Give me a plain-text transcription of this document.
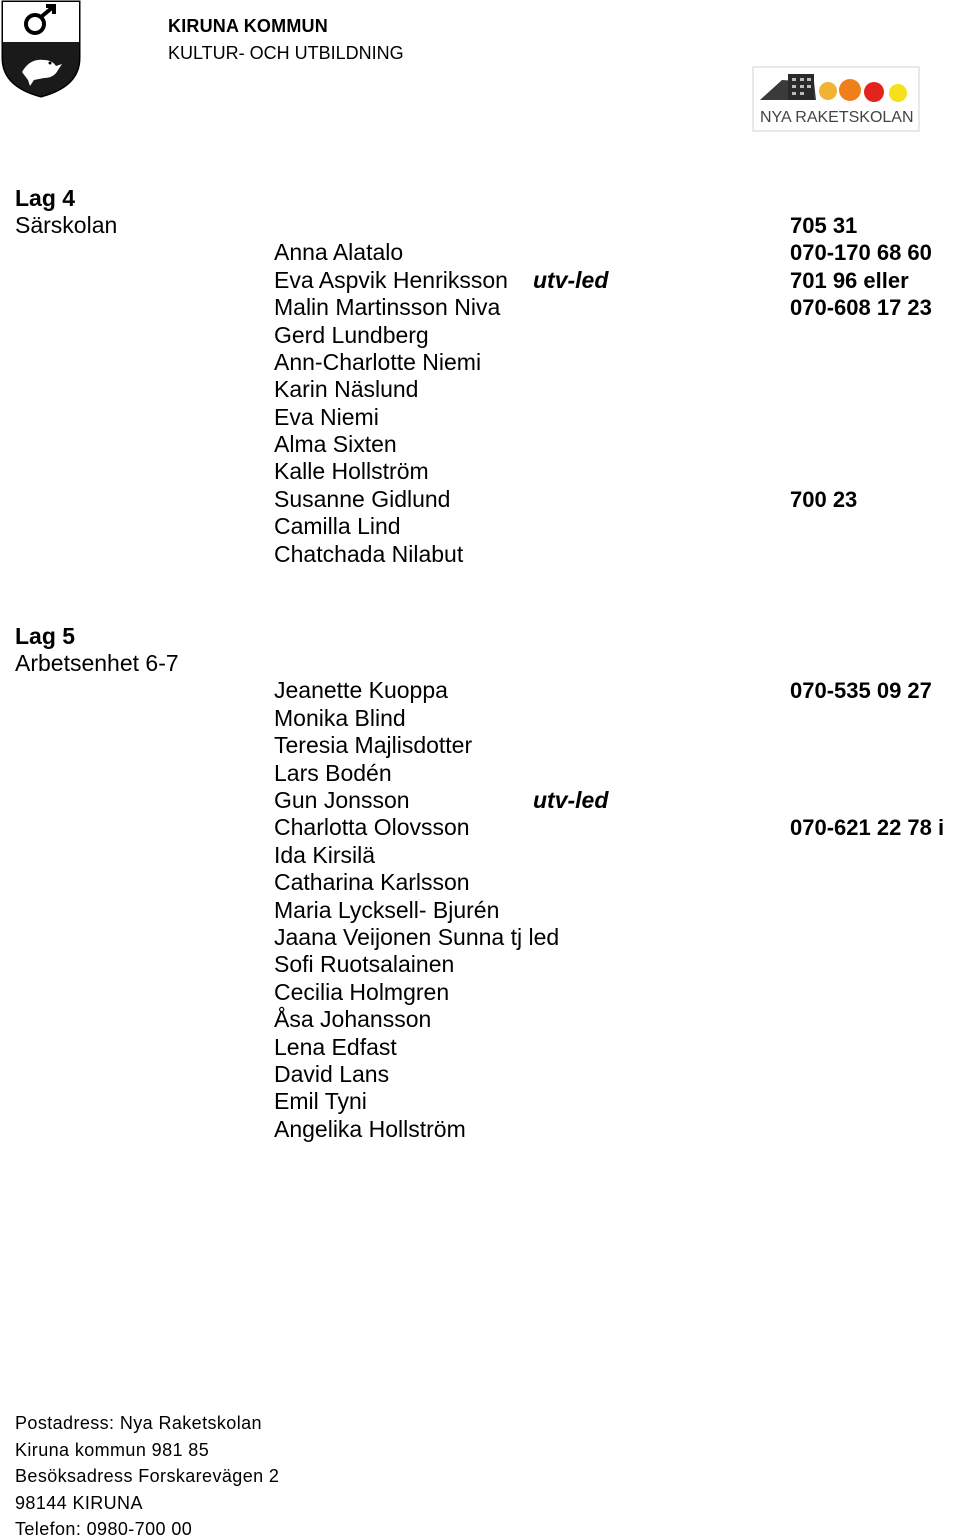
KIRUNA KOMMUN
KULTUR- OCH UTBILDNING
NYA RAKETSKOLAN
Lag 4
Särskolan	705 31
070-170 68 60
701 96 eller
070-608 17 23
700 23
utv-led
Anna Alatalo
Eva Aspvik Henriksson
Malin Martinsson Niva
Gerd Lundberg
Ann-Charlotte Niemi
Karin Näslund
Eva Niemi
Alma Sixten
Kalle Hollström
Susanne Gidlund
Camilla Lind
Chatchada Nilabut
Lag 5
Arbetsenhet 6-7
070-535 09 27
070-621 22 78 i
utv-led
Jeanette Kuoppa
Monika Blind
Teresia Majlisdotter
Lars Bodén
Gun Jonsson
Charlotta Olovsson
Ida Kirsilä
Catharina Karlsson
Maria Lycksell- Bjurén
Jaana Veijonen Sunna tj led
Sofi Ruotsalainen
Cecilia Holmgren
Åsa Johansson
Lena Edfast
David Lans
Emil Tyni
Angelika Hollström
Postadress: Nya Raketskolan
Kiruna kommun 981 85
Besöksadress Forskarevägen 2
98144 KIRUNA
Telefon: 0980-700 00
